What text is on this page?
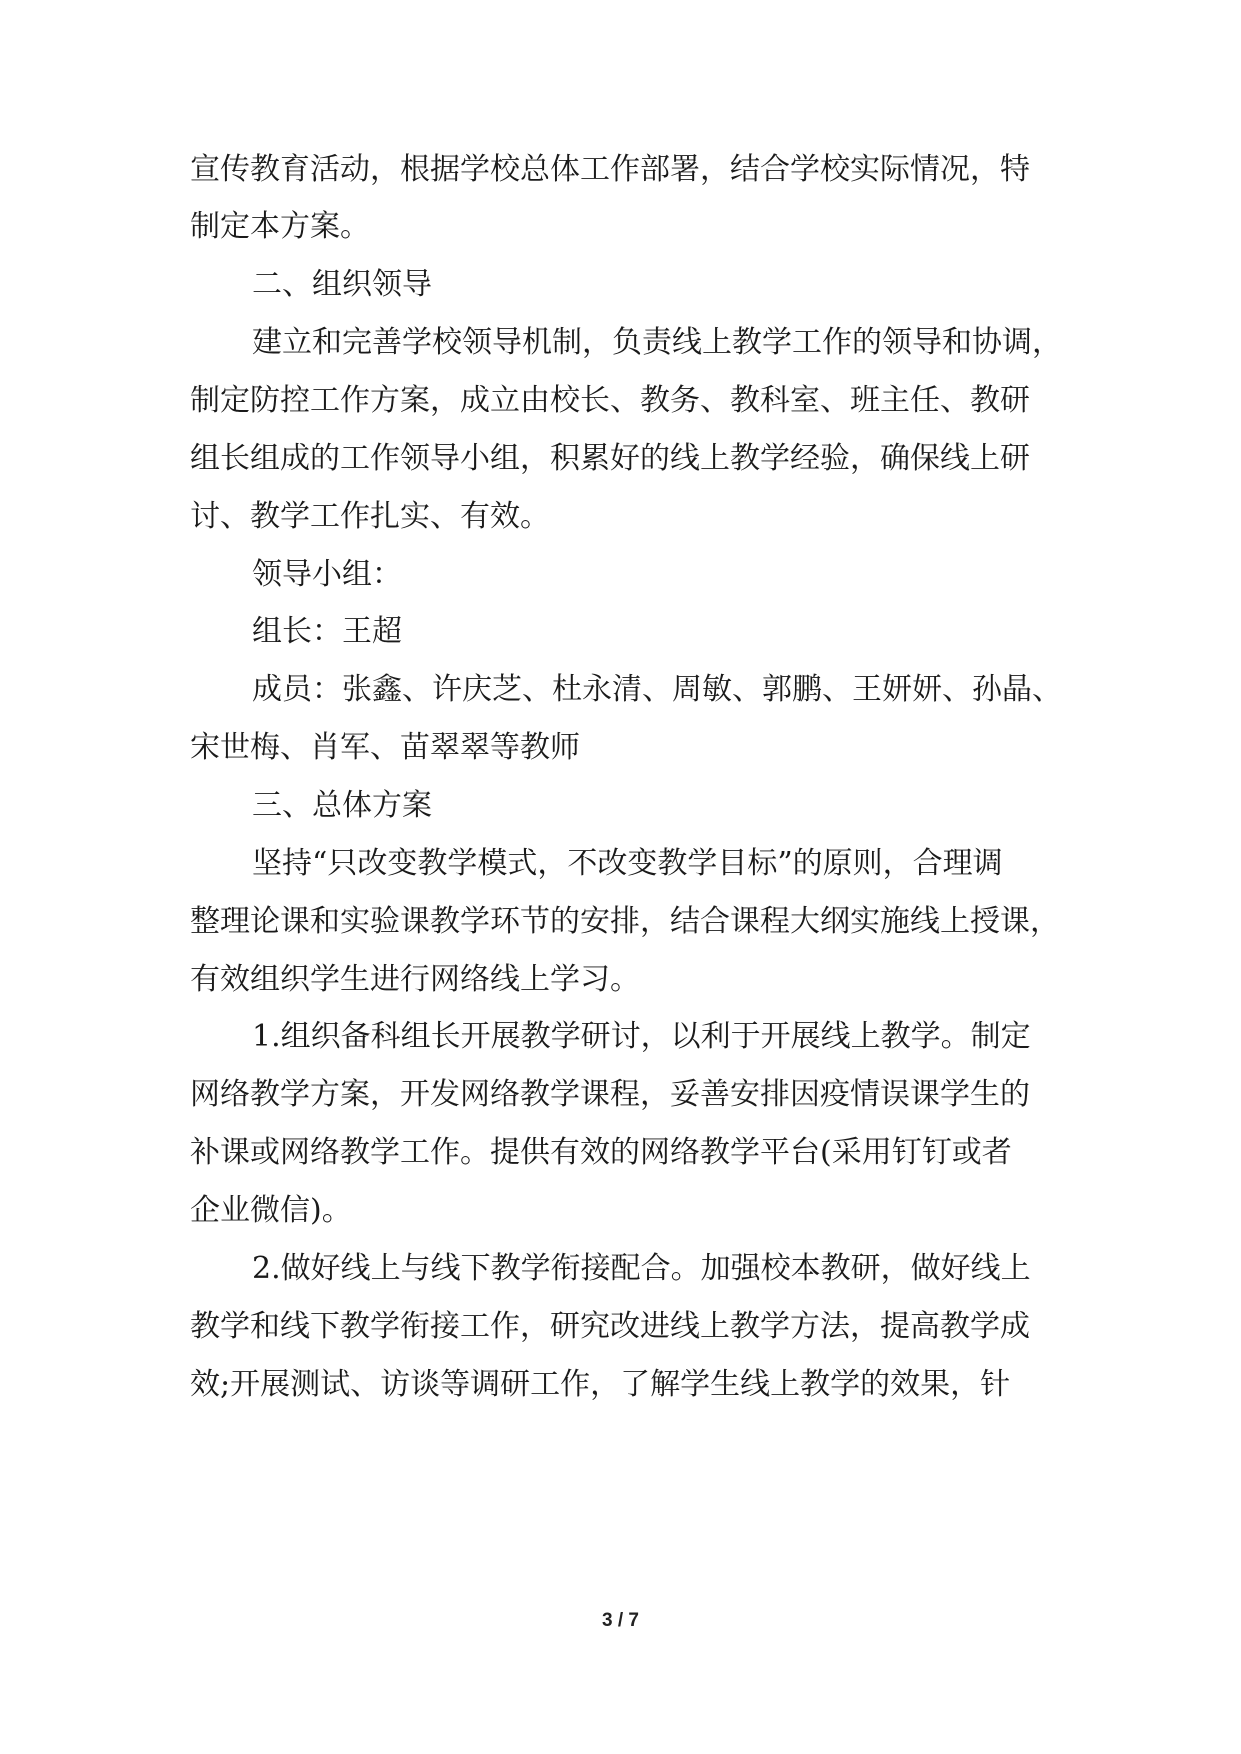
宣传教育活动，根据学校总体工作部署，结合学校实际情况，特
制定本方案。
二、组织领导
建立和完善学校领导机制，负责线上教学工作的领导和协调，
制定防控工作方案，成立由校长、教务、教科室、班主任、教研
组长组成的工作领导小组，积累好的线上教学经验，确保线上研
讨、教学工作扎实、有效。
领导小组：
组长：王超
成员：张鑫、许庆芝、杜永清、周敏、郭鹏、王妍妍、孙晶、
宋世梅、肖军、苗翠翠等教师
三、总体方案
坚持“只改变教学模式，不改变教学目标”的原则，合理调
整理论课和实验课教学环节的安排，结合课程大纲实施线上授课，
有效组织学生进行网络线上学习。
1.组织备科组长开展教学研讨，以利于开展线上教学。制定
网络教学方案，开发网络教学课程，妥善安排因疫情误课学生的
补课或网络教学工作。提供有效的网络教学平台(采用钉钉或者
企业微信)。
2.做好线上与线下教学衔接配合。加强校本教研，做好线上
教学和线下教学衔接工作，研究改进线上教学方法，提高教学成
效;开展测试、访谈等调研工作，了解学生线上教学的效果，针
3 / 7
